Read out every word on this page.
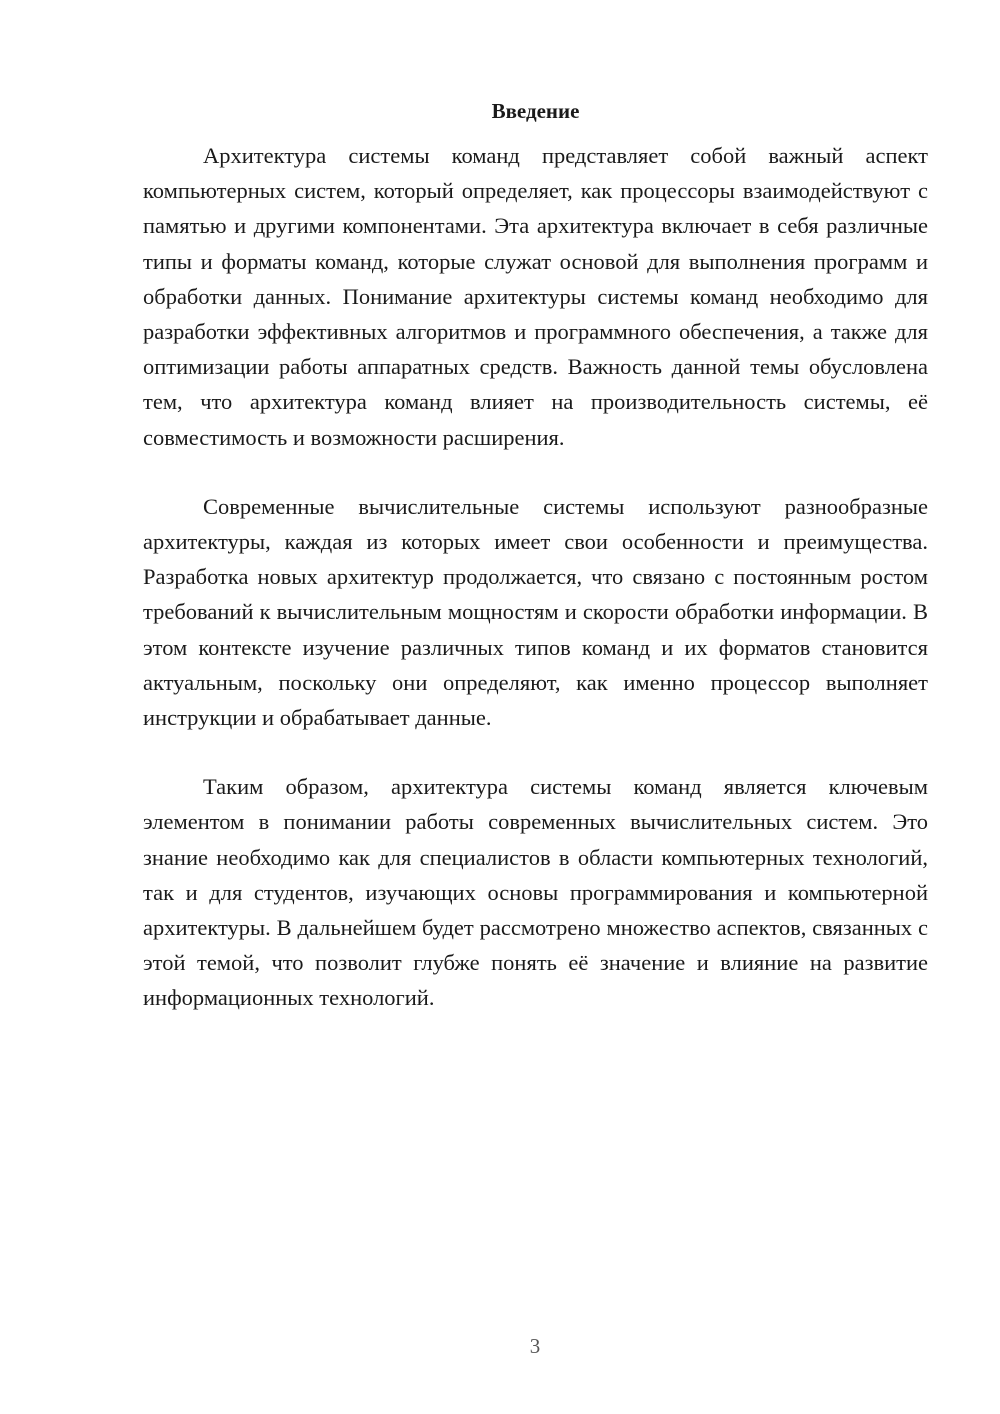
Введение

Архитектура системы команд представляет собой важный аспект компьютерных систем, который определяет, как процессоры взаимодействуют с памятью и другими компонентами. Эта архитектура включает в себя различные типы и форматы команд, которые служат основой для выполнения программ и обработки данных. Понимание архитектуры системы команд необходимо для разработки эффективных алгоритмов и программного обеспечения, а также для оптимизации работы аппаратных средств. Важность данной темы обусловлена тем, что архитектура команд влияет на производительность системы, её совместимость и возможности расширения.

Современные вычислительные системы используют разнообразные архитектуры, каждая из которых имеет свои особенности и преимущества. Разработка новых архитектур продолжается, что связано с постоянным ростом требований к вычислительным мощностям и скорости обработки информации. В этом контексте изучение различных типов команд и их форматов становится актуальным, поскольку они определяют, как именно процессор выполняет инструкции и обрабатывает данные.

Таким образом, архитектура системы команд является ключевым элементом в понимании работы современных вычислительных систем. Это знание необходимо как для специалистов в области компьютерных технологий, так и для студентов, изучающих основы программирования и компьютерной архитектуры. В дальнейшем будет рассмотрено множество аспектов, связанных с этой темой, что позволит глубже понять её значение и влияние на развитие информационных технологий.

3
